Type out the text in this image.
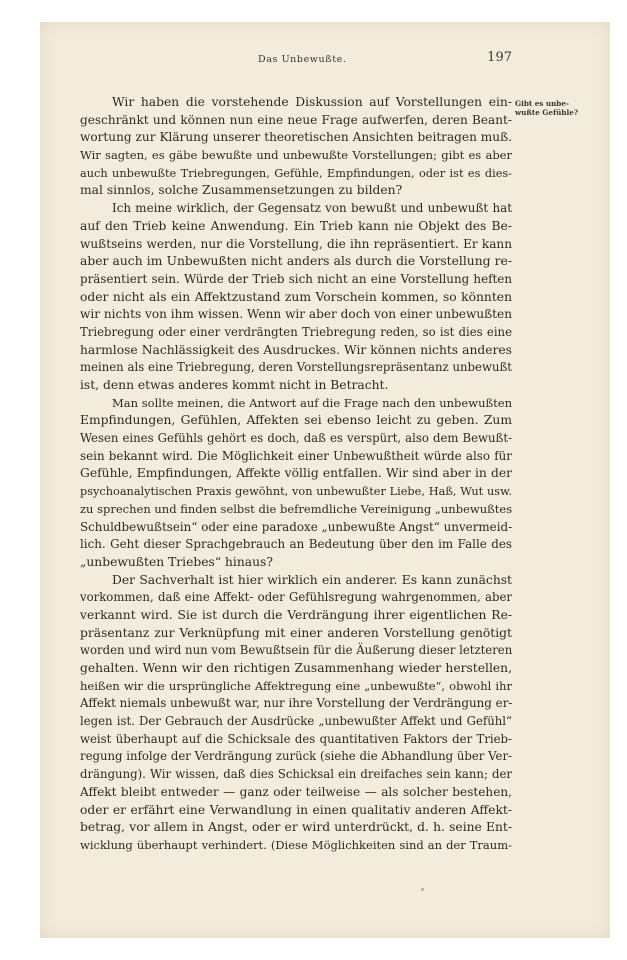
Das Unbewußte.	197
Gibt es unbe-
wußte Gefühle?
Wir haben die vorstehende Diskussion auf Vorstellungen ein-
geschränkt und können nun eine neue Frage aufwerfen, deren Beant-
wortung zur Klärung unserer theoretischen Ansichten beitragen muß.
Wir sagten, es gäbe bewußte und unbewußte Vorstellungen; gibt es aber
auch unbewußte Triebregungen, Gefühle, Empfindungen, oder ist es dies-
mal sinnlos, solche Zusammensetzungen zu bilden?
Ich meine wirklich, der Gegensatz von bewußt und unbewußt hat
auf den Trieb keine Anwendung. Ein Trieb kann nie Objekt des Be-
wußtseins werden, nur die Vorstellung, die ihn repräsentiert. Er kann
aber auch im Unbewußten nicht anders als durch die Vorstellung re-
präsentiert sein. Würde der Trieb sich nicht an eine Vorstellung heften
oder nicht als ein Affektzustand zum Vorschein kommen, so könnten
wir nichts von ihm wissen. Wenn wir aber doch von einer unbewußten
Triebregung oder einer verdrängten Triebregung reden, so ist dies eine
harmlose Nachlässigkeit des Ausdruckes. Wir können nichts anderes
meinen als eine Triebregung, deren Vorstellungsrepräsentanz unbewußt
ist, denn etwas anderes kommt nicht in Betracht.
Man sollte meinen, die Antwort auf die Frage nach den unbewußten
Empfindungen, Gefühlen, Affekten sei ebenso leicht zu geben. Zum
Wesen eines Gefühls gehört es doch, daß es verspürt, also dem Bewußt-
sein bekannt wird. Die Möglichkeit einer Unbewußtheit würde also für
Gefühle, Empfindungen, Affekte völlig entfallen. Wir sind aber in der
psychoanalytischen Praxis gewöhnt, von unbewußter Liebe, Haß, Wut usw.
zu sprechen und finden selbst die befremdliche Vereinigung „unbewußtes
Schuldbewußtsein“ oder eine paradoxe „unbewußte Angst“ unvermeid-
lich. Geht dieser Sprachgebrauch an Bedeutung über den im Falle des
„unbewußten Triebes“ hinaus?
Der Sachverhalt ist hier wirklich ein anderer. Es kann zunächst
vorkommen, daß eine Affekt- oder Gefühlsregung wahrgenommen, aber
verkannt wird. Sie ist durch die Verdrängung ihrer eigentlichen Re-
präsentanz zur Verknüpfung mit einer anderen Vorstellung genötigt
worden und wird nun vom Bewußtsein für die Äußerung dieser letzteren
gehalten. Wenn wir den richtigen Zusammenhang wieder herstellen,
heißen wir die ursprüngliche Affektregung eine „unbewußte“, obwohl ihr
Affekt niemals unbewußt war, nur ihre Vorstellung der Verdrängung er-
legen ist. Der Gebrauch der Ausdrücke „unbewußter Affekt und Gefühl“
weist überhaupt auf die Schicksale des quantitativen Faktors der Trieb-
regung infolge der Verdrängung zurück (siehe die Abhandlung über Ver-
drängung). Wir wissen, daß dies Schicksal ein dreifaches sein kann; der
Affekt bleibt entweder — ganz oder teilweise — als solcher bestehen,
oder er erfährt eine Verwandlung in einen qualitativ anderen Affekt-
betrag, vor allem in Angst, oder er wird unterdrückt, d. h. seine Ent-
wicklung überhaupt verhindert. (Diese Möglichkeiten sind an der Traum-
